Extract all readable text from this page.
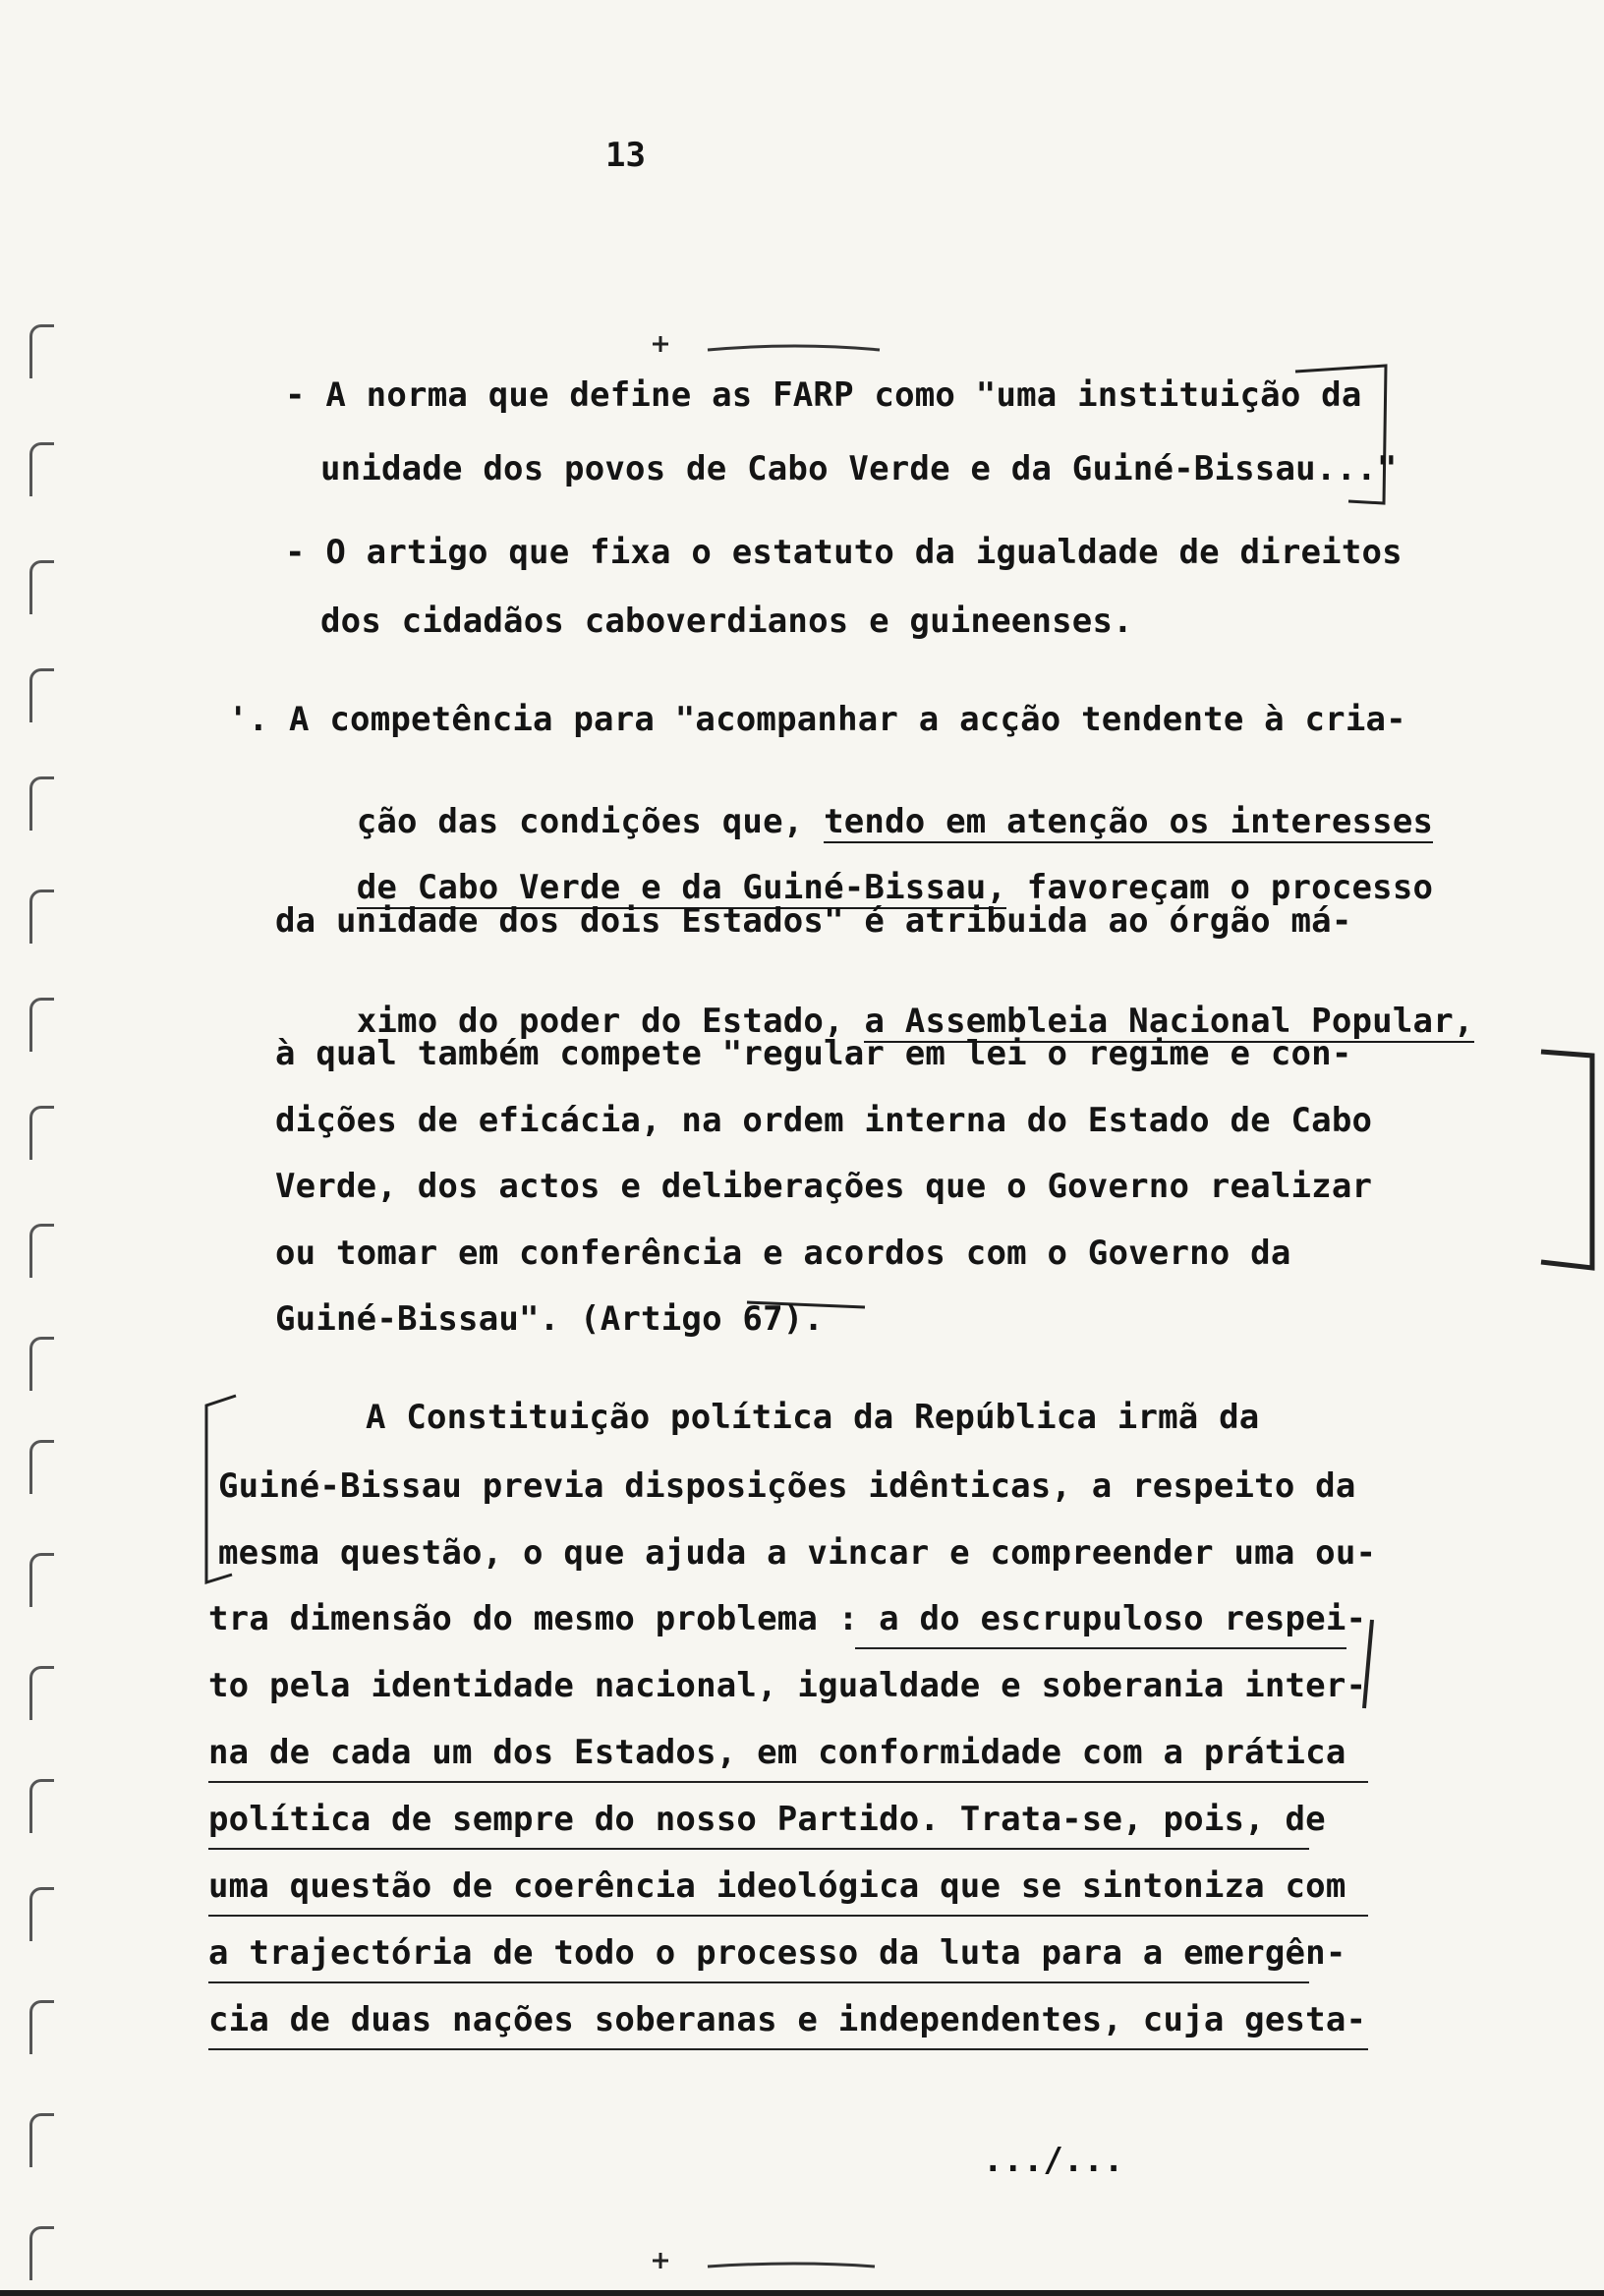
13
- A norma que define as FARP como "uma instituição da
unidade dos povos de Cabo Verde e da Guiné-Bissau..."
- O artigo que fixa o estatuto da igualdade de direitos
dos cidadãos caboverdianos e guineenses.
'. A competência para "acompanhar a acção tendente à cria-

ção das condições que, tendo em atenção os interesses

de Cabo Verde e da Guiné-Bissau, favoreçam o processo

da unidade dos dois Estados" é atribuida ao órgão má-

ximo do poder do Estado, a Assembleia Nacional Popular,

à qual também compete "regular em lei o regime e con-
dições de eficácia, na ordem interna do Estado de Cabo
Verde, dos actos e deliberações que o Governo realizar
ou tomar em conferência e acordos com o Governo da
Guiné-Bissau". (Artigo 67).
A Constituição política da República irmã da
Guiné-Bissau previa disposições idênticas, a respeito da
mesma questão, o que ajuda a vincar e compreender uma ou-
tra dimensão do mesmo problema : a do escrupuloso respei-
to pela identidade nacional, igualdade e soberania inter-
na de cada um dos Estados, em conformidade com a prática
política de sempre do nosso Partido. Trata-se, pois, de
uma questão de coerência ideológica que se sintoniza com
a trajectória de todo o processo da luta para a emergên-
cia de duas nações soberanas e independentes, cuja gesta-
.../...
